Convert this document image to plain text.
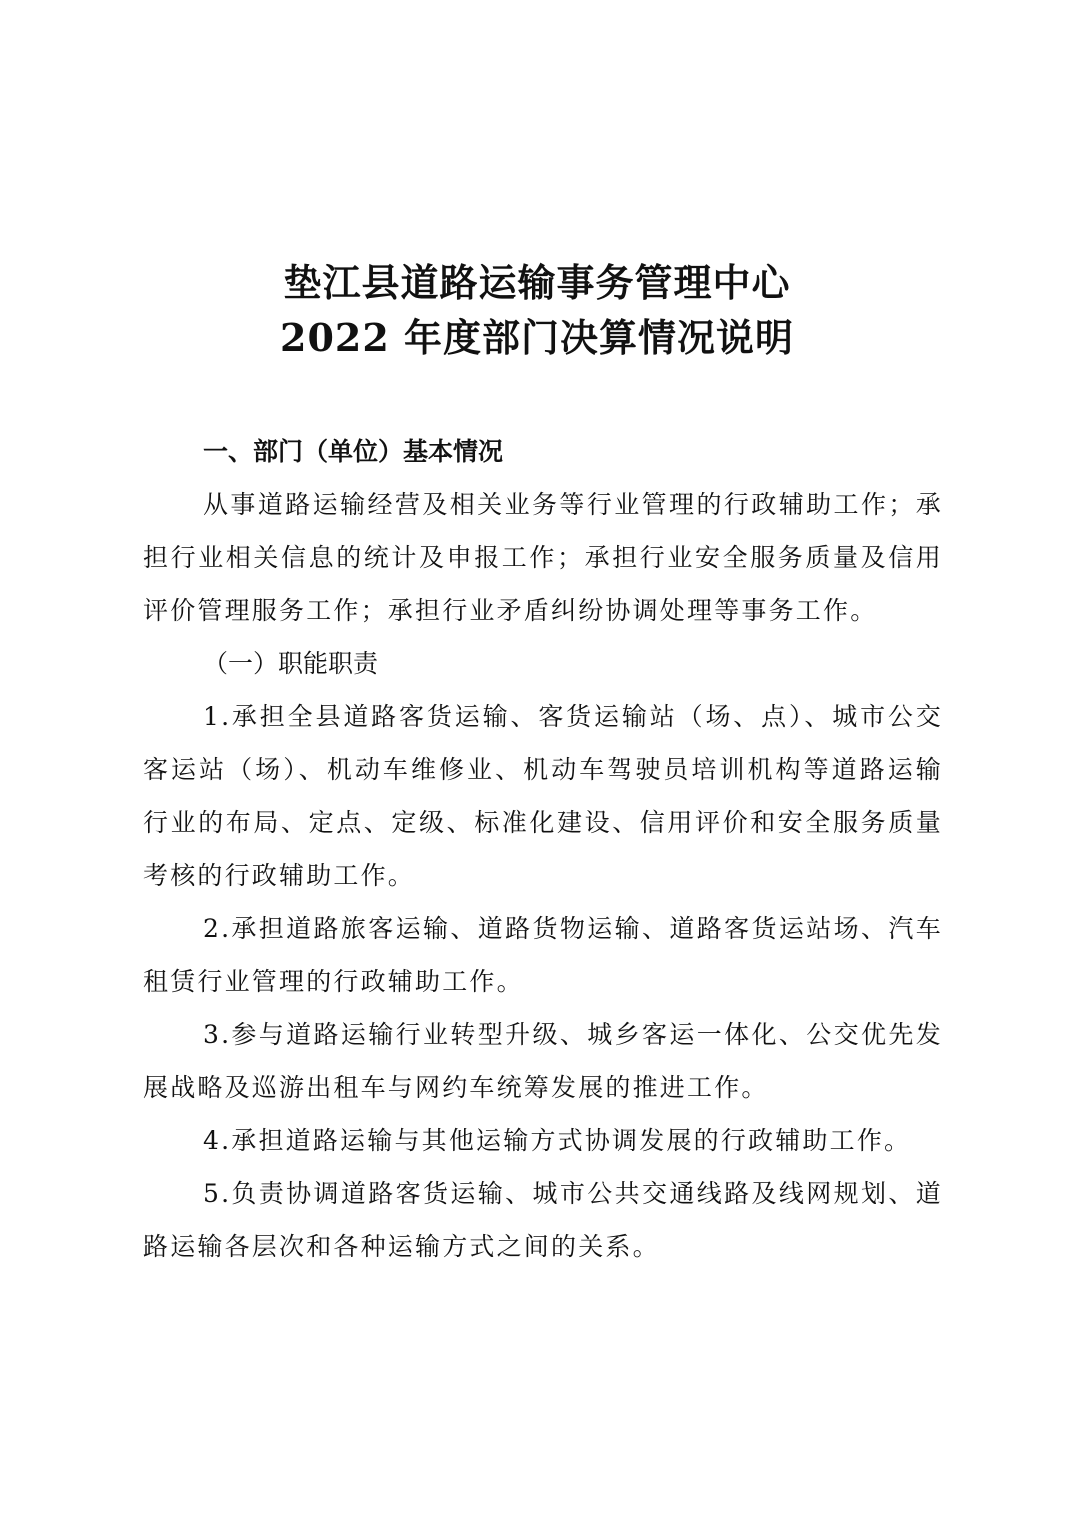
垫江县道路运输事务管理中心
2022 年度部门决算情况说明

一、部门（单位）基本情况

从事道路运输经营及相关业务等行业管理的行政辅助工作；承担行业相关信息的统计及申报工作；承担行业安全服务质量及信用评价管理服务工作；承担行业矛盾纠纷协调处理等事务工作。

（一）职能职责

1.承担全县道路客货运输、客货运输站（场、点）、城市公交客运站（场）、机动车维修业、机动车驾驶员培训机构等道路运输行业的布局、定点、定级、标准化建设、信用评价和安全服务质量考核的行政辅助工作。

2.承担道路旅客运输、道路货物运输、道路客货运站场、汽车租赁行业管理的行政辅助工作。

3.参与道路运输行业转型升级、城乡客运一体化、公交优先发展战略及巡游出租车与网约车统筹发展的推进工作。

4.承担道路运输与其他运输方式协调发展的行政辅助工作。

5.负责协调道路客货运输、城市公共交通线路及线网规划、道路运输各层次和各种运输方式之间的关系。
